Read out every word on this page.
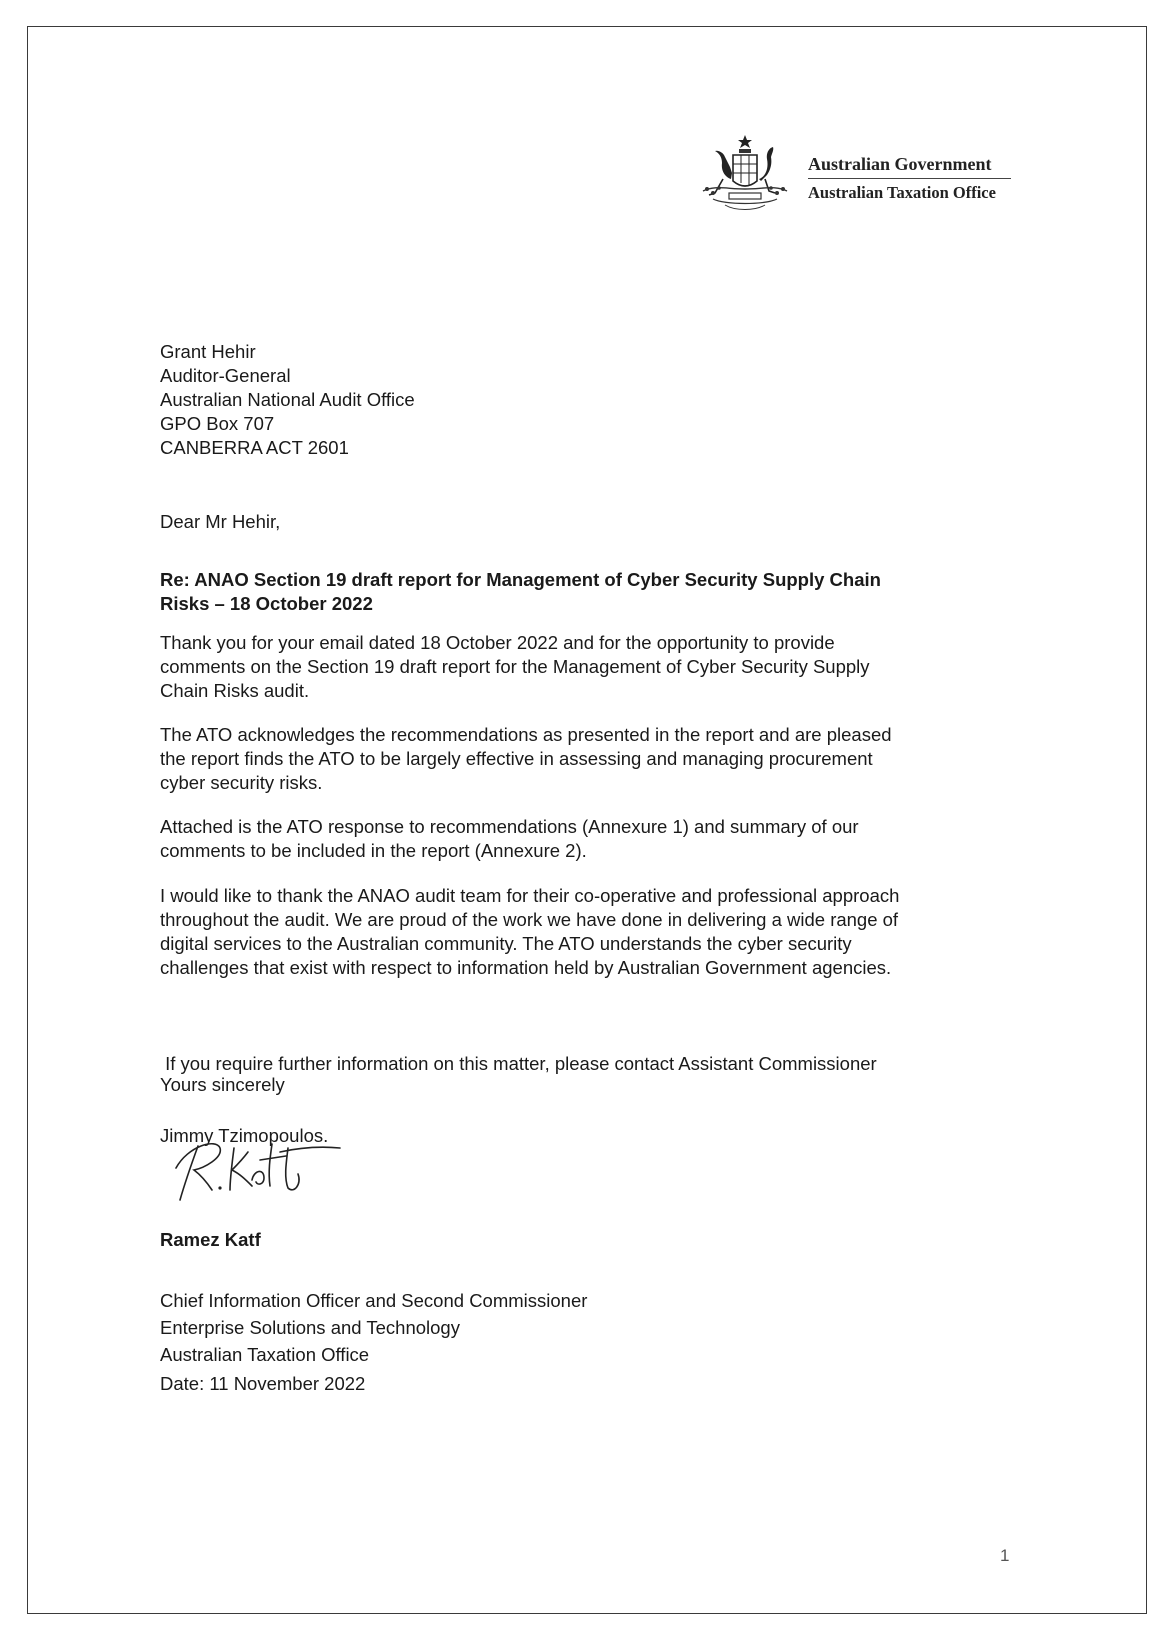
Australian Government
Australian Taxation Office
Grant Hehir
Auditor-General
Australian National Audit Office
GPO Box 707
CANBERRA ACT 2601
Dear Mr Hehir,
Re: ANAO Section 19 draft report for Management of Cyber Security Supply Chain
Risks – 18 October 2022
Thank you for your email dated 18 October 2022 and for the opportunity to provide
comments on the Section 19 draft report for the Management of Cyber Security Supply
Chain Risks audit.
The ATO acknowledges the recommendations as presented in the report and are pleased
the report finds the ATO to be largely effective in assessing and managing procurement
cyber security risks.
Attached is the ATO response to recommendations (Annexure 1) and summary of our
comments to be included in the report (Annexure 2).
I would like to thank the ANAO audit team for their co-operative and professional approach
throughout the audit. We are proud of the work we have done in delivering a wide range of
digital services to the Australian community. The ATO understands the cyber security
challenges that exist with respect to information held by Australian Government agencies.

If you require further information on this matter, please contact Assistant Commissioner

Jimmy Tzimopoulos.

Yours sincerely
Ramez Katf
Chief Information Officer and Second Commissioner
Enterprise Solutions and Technology
Australian Taxation Office
Date: 11 November 2022
1
